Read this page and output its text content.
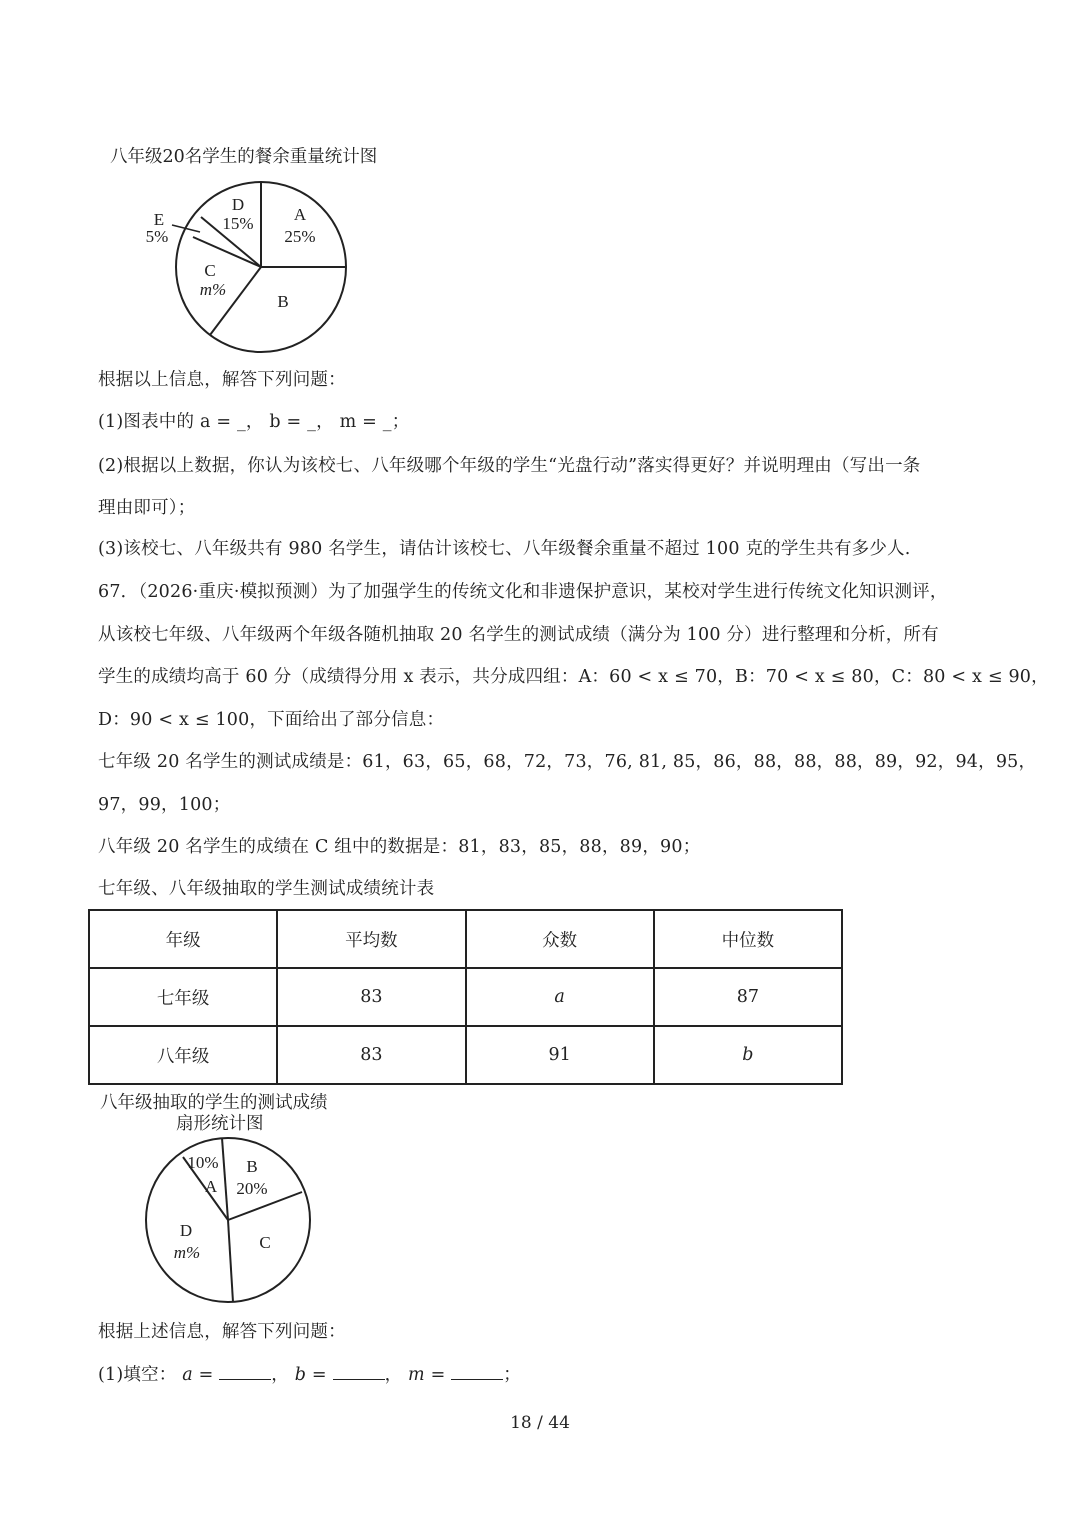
八年级20名学生的餐余重量统计图
A
25%
B
C
m%
D
15%
E
5%
根据以上信息，解答下列问题：
(1)图表中的 a = _， b = _， m = _；
(2)根据以上数据，你认为该校七、八年级哪个年级的学生“光盘行动”落实得更好？并说明理由（写出一条
理由即可）；
(3)该校七、八年级共有 980 名学生，请估计该校七、八年级餐余重量不超过 100 克的学生共有多少人.
67．（2026·重庆·模拟预测）为了加强学生的传统文化和非遗保护意识，某校对学生进行传统文化知识测评，
从该校七年级、八年级两个年级各随机抽取 20 名学生的测试成绩（满分为 100 分）进行整理和分析，所有
学生的成绩均高于 60 分（成绩得分用 x 表示，共分成四组：A：60 < x ≤ 70，B：70 < x ≤ 80，C：80 < x ≤ 90，
D：90 < x ≤ 100，下面给出了部分信息：
七年级 20 名学生的测试成绩是：61，63，65，68，72，73，76, 81, 85，86，88，88，88，89，92，94，95，
97，99，100；
八年级 20 名学生的成绩在 C 组中的数据是：81，83，85，88，89，90；
七年级、八年级抽取的学生测试成绩统计表
年级	平均数	众数	中位数
七年级	83	a	87
八年级	83	91	b
八年级抽取的学生的测试成绩
扇形统计图
10%
A
B
20%
C
D
m%
根据上述信息，解答下列问题：
(1)填空： a =	， b =	， m =	；
18 / 44
